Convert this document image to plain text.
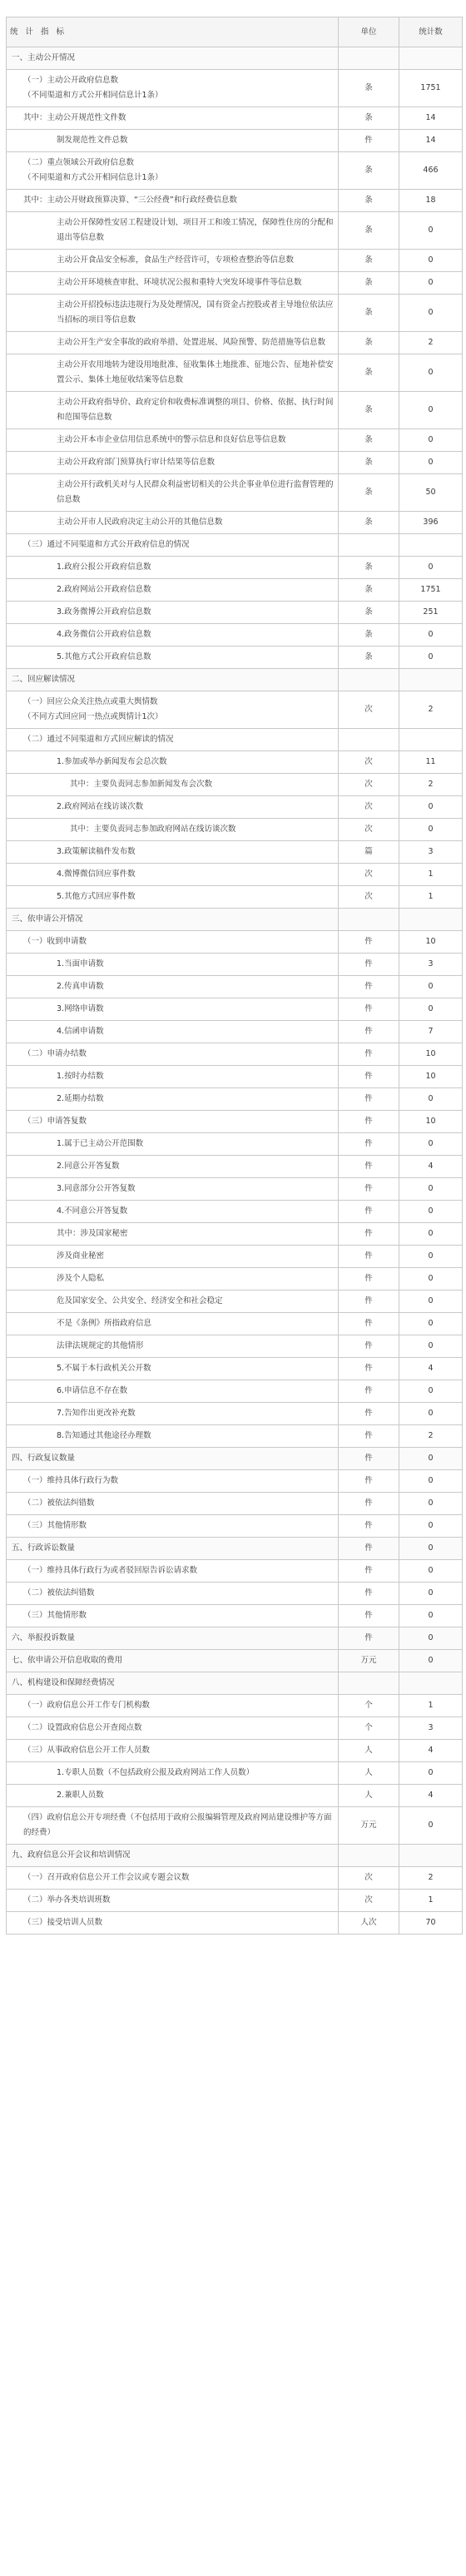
统 计 指 标	单位	统计数
一、主动公开情况		
（一）主动公开政府信息数
（不同渠道和方式公开相同信息计1条）	条	1751
其中：主动公开规范性文件数	条	14
制发规范性文件总数	件	14
（二）重点领域公开政府信息数
（不同渠道和方式公开相同信息计1条）	条	466
其中：主动公开财政预算决算、“三公经费”和行政经费信息数	条	18
主动公开保障性安居工程建设计划、项目开工和竣工情况，保障性住房的分配和退出等信息数	条	0
主动公开食品安全标准，食品生产经营许可，专项检查整治等信息数	条	0
主动公开环境核查审批、环境状况公报和重特大突发环境事件等信息数	条	0
主动公开招投标违法违规行为及处理情况，国有资金占控股或者主导地位依法应当招标的项目等信息数	条	0
主动公开生产安全事故的政府举措、处置进展、风险预警、防范措施等信息数	条	2
主动公开农用地转为建设用地批准、征收集体土地批准、征地公告、征地补偿安置公示、集体土地征收结案等信息数	条	0
主动公开政府指导价、政府定价和收费标准调整的项目、价格、依据、执行时间和范围等信息数	条	0
主动公开本市企业信用信息系统中的警示信息和良好信息等信息数	条	0
主动公开政府部门预算执行审计结果等信息数	条	0
主动公开行政机关对与人民群众利益密切相关的公共企事业单位进行监督管理的信息数	条	50
主动公开市人民政府决定主动公开的其他信息数	条	396
（三）通过不同渠道和方式公开政府信息的情况		
1.政府公报公开政府信息数	条	0
2.政府网站公开政府信息数	条	1751
3.政务微博公开政府信息数	条	251
4.政务微信公开政府信息数	条	0
5.其他方式公开政府信息数	条	0
二、回应解读情况		
（一）回应公众关注热点或重大舆情数
（不同方式回应同一热点或舆情计1次）	次	2
（二）通过不同渠道和方式回应解读的情况		
1.参加或举办新闻发布会总次数	次	11
其中：主要负责同志参加新闻发布会次数	次	2
2.政府网站在线访谈次数	次	0
其中：主要负责同志参加政府网站在线访谈次数	次	0
3.政策解读稿件发布数	篇	3
4.微博微信回应事件数	次	1
5.其他方式回应事件数	次	1
三、依申请公开情况		
（一）收到申请数	件	10
1.当面申请数	件	3
2.传真申请数	件	0
3.网络申请数	件	0
4.信函申请数	件	7
（二）申请办结数	件	10
1.按时办结数	件	10
2.延期办结数	件	0
（三）申请答复数	件	10
1.属于已主动公开范围数	件	0
2.同意公开答复数	件	4
3.同意部分公开答复数	件	0
4.不同意公开答复数	件	0
其中：涉及国家秘密	件	0
涉及商业秘密	件	0
涉及个人隐私	件	0
危及国家安全、公共安全、经济安全和社会稳定	件	0
不是《条例》所指政府信息	件	0
法律法规规定的其他情形	件	0
5.不属于本行政机关公开数	件	4
6.申请信息不存在数	件	0
7.告知作出更改补充数	件	0
8.告知通过其他途径办理数	件	2
四、行政复议数量	件	0
（一）维持具体行政行为数	件	0
（二）被依法纠错数	件	0
（三）其他情形数	件	0
五、行政诉讼数量	件	0
（一）维持具体行政行为或者驳回原告诉讼请求数	件	0
（二）被依法纠错数	件	0
（三）其他情形数	件	0
六、举报投诉数量	件	0
七、依申请公开信息收取的费用	万元	0
八、机构建设和保障经费情况		
（一）政府信息公开工作专门机构数	个	1
（二）设置政府信息公开查阅点数	个	3
（三）从事政府信息公开工作人员数	人	4
1.专职人员数（不包括政府公报及政府网站工作人员数）	人	0
2.兼职人员数	人	4
（四）政府信息公开专项经费（不包括用于政府公报编辑管理及政府网站建设维护等方面的经费）	万元	0
九、政府信息公开会议和培训情况		
（一）召开政府信息公开工作会议或专题会议数	次	2
（二）举办各类培训班数	次	1
（三）接受培训人员数	人次	70
